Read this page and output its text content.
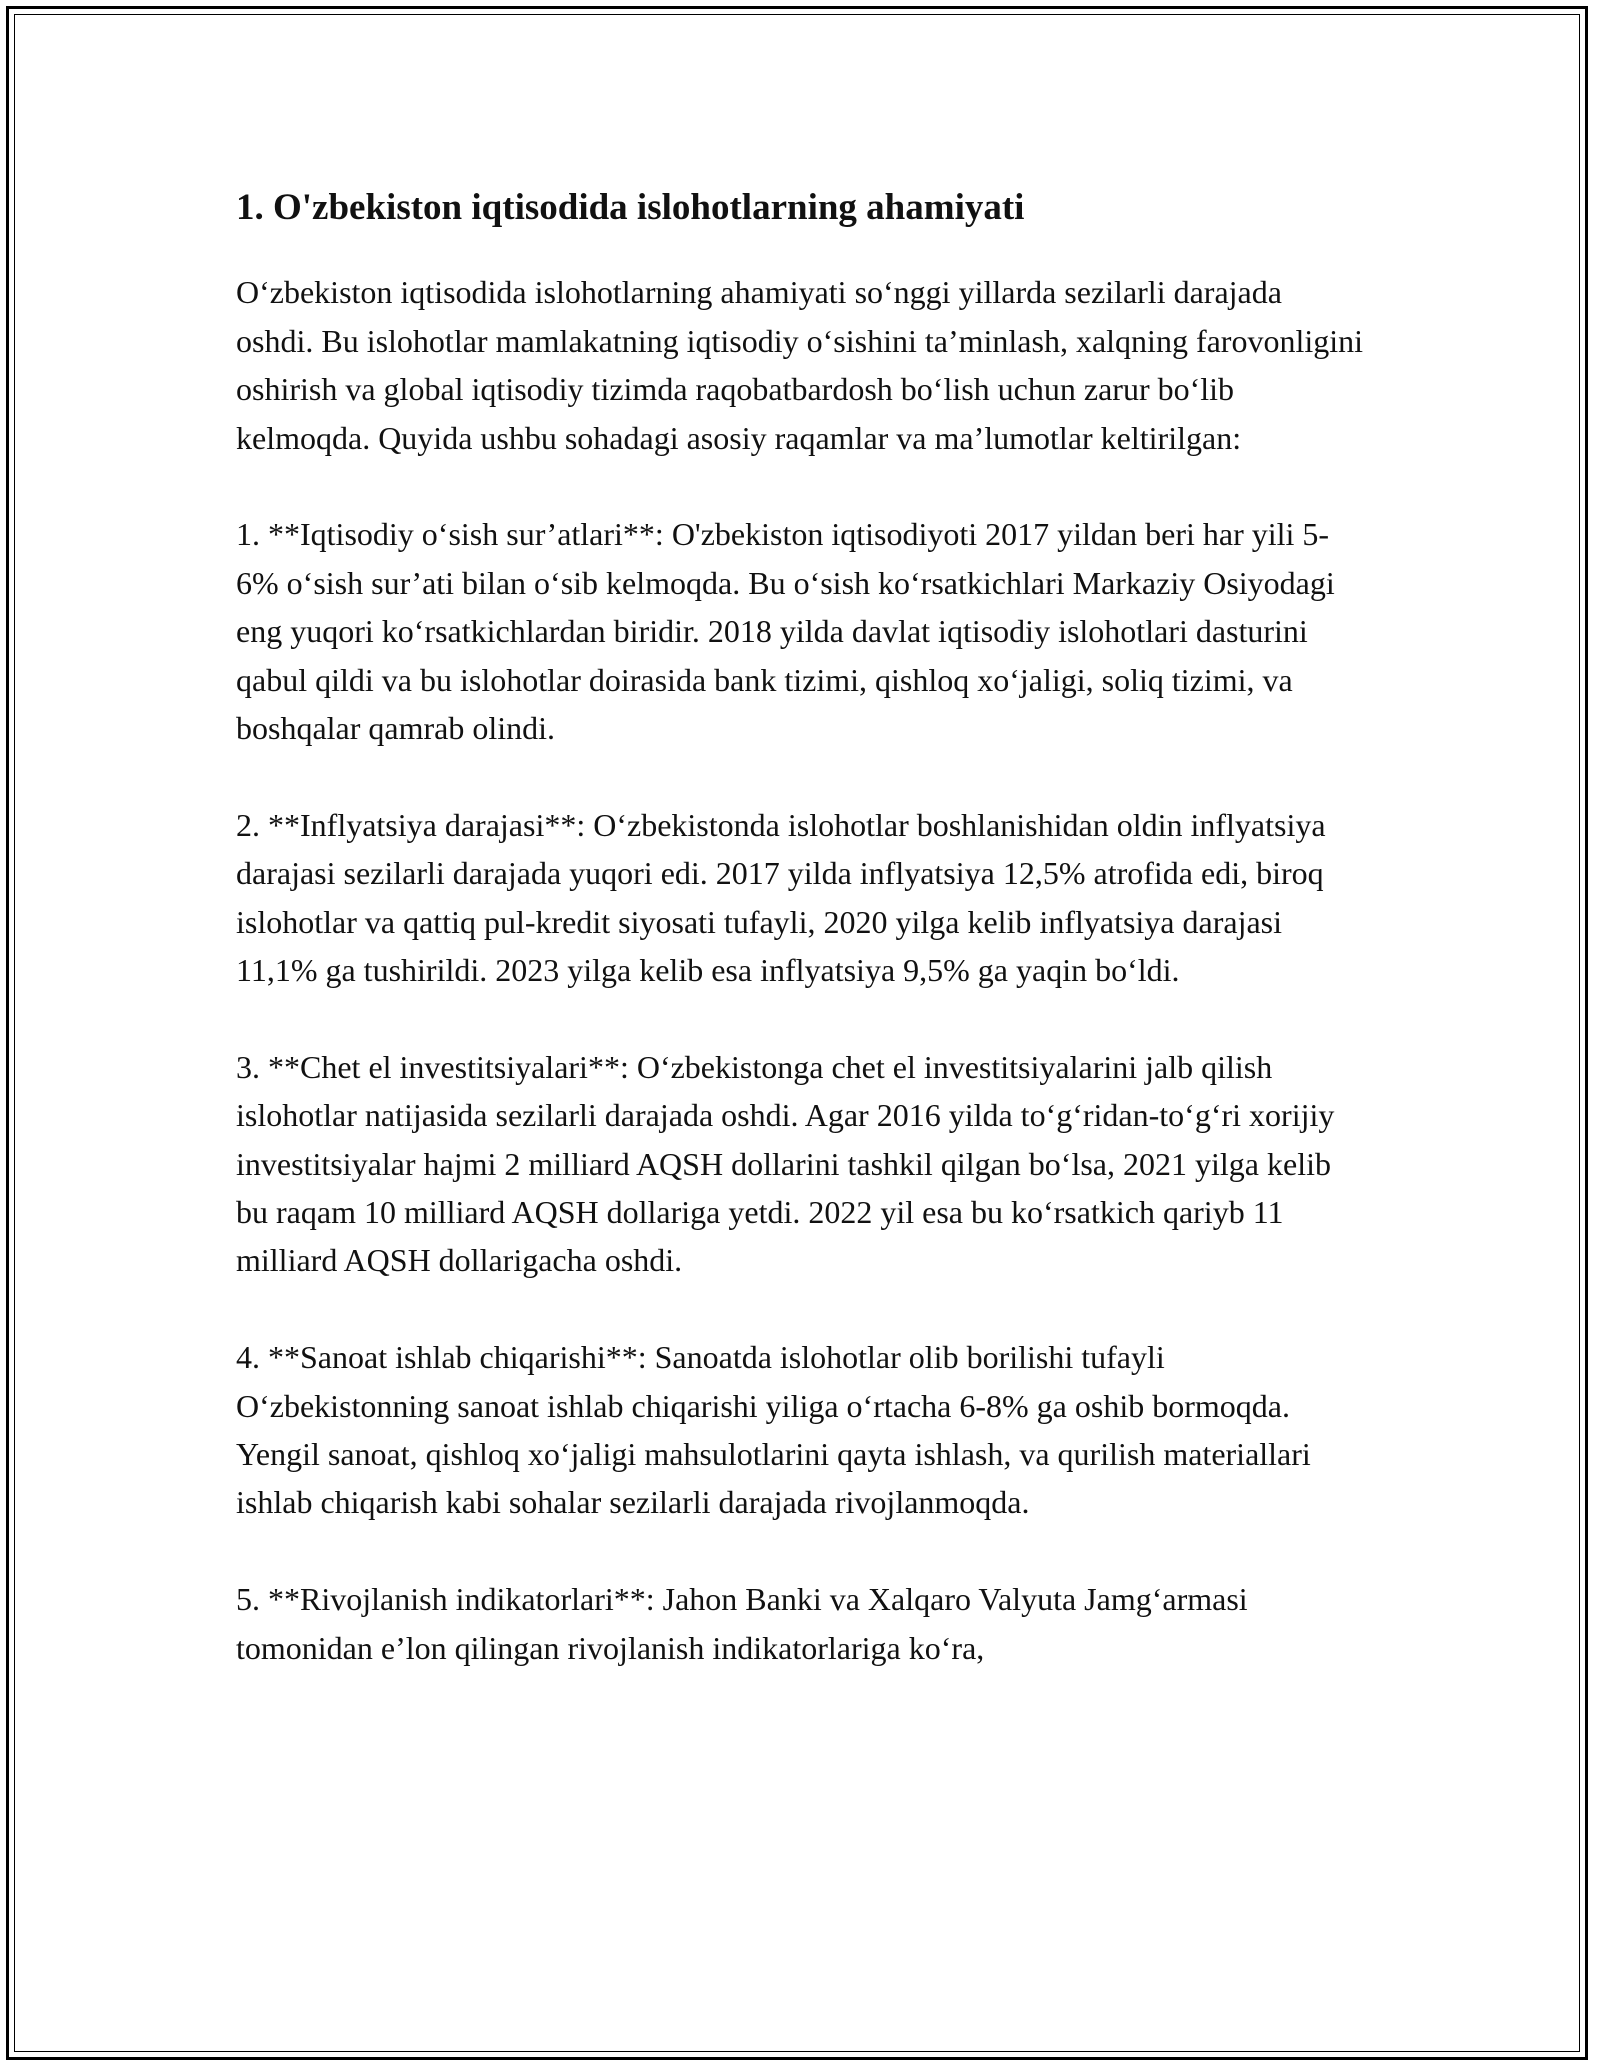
1. O'zbekiston iqtisodida islohotlarning ahamiyati

O‘zbekiston iqtisodida islohotlarning ahamiyati so‘nggi yillarda sezilarli darajada oshdi. Bu islohotlar mamlakatning iqtisodiy o‘sishini ta’minlash, xalqning farovonligini oshirish va global iqtisodiy tizimda raqobatbardosh bo‘lish uchun zarur bo‘lib kelmoqda. Quyida ushbu sohadagi asosiy raqamlar va ma’lumotlar keltirilgan:

1. **Iqtisodiy o‘sish sur’atlari**: O'zbekiston iqtisodiyoti 2017 yildan beri har yili 5-6% o‘sish sur’ati bilan o‘sib kelmoqda. Bu o‘sish ko‘rsatkichlari Markaziy Osiyodagi eng yuqori ko‘rsatkichlardan biridir. 2018 yilda davlat iqtisodiy islohotlari dasturini qabul qildi va bu islohotlar doirasida bank tizimi, qishloq xo‘jaligi, soliq tizimi, va boshqalar qamrab olindi.

2. **Inflyatsiya darajasi**: O‘zbekistonda islohotlar boshlanishidan oldin inflyatsiya darajasi sezilarli darajada yuqori edi. 2017 yilda inflyatsiya 12,5% atrofida edi, biroq islohotlar va qattiq pul-kredit siyosati tufayli, 2020 yilga kelib inflyatsiya darajasi 11,1% ga tushirildi. 2023 yilga kelib esa inflyatsiya 9,5% ga yaqin bo‘ldi.

3. **Chet el investitsiyalari**: O‘zbekistonga chet el investitsiyalarini jalb qilish islohotlar natijasida sezilarli darajada oshdi. Agar 2016 yilda to‘g‘ridan-to‘g‘ri xorijiy investitsiyalar hajmi 2 milliard AQSH dollarini tashkil qilgan bo‘lsa, 2021 yilga kelib bu raqam 10 milliard AQSH dollariga yetdi. 2022 yil esa bu ko‘rsatkich qariyb 11 milliard AQSH dollarigacha oshdi.

4. **Sanoat ishlab chiqarishi**: Sanoatda islohotlar olib borilishi tufayli O‘zbekistonning sanoat ishlab chiqarishi yiliga o‘rtacha 6-8% ga oshib bormoqda. Yengil sanoat, qishloq xo‘jaligi mahsulotlarini qayta ishlash, va qurilish materiallari ishlab chiqarish kabi sohalar sezilarli darajada rivojlanmoqda.

5. **Rivojlanish indikatorlari**: Jahon Banki va Xalqaro Valyuta Jamg‘armasi tomonidan e’lon qilingan rivojlanish indikatorlariga ko‘ra,
